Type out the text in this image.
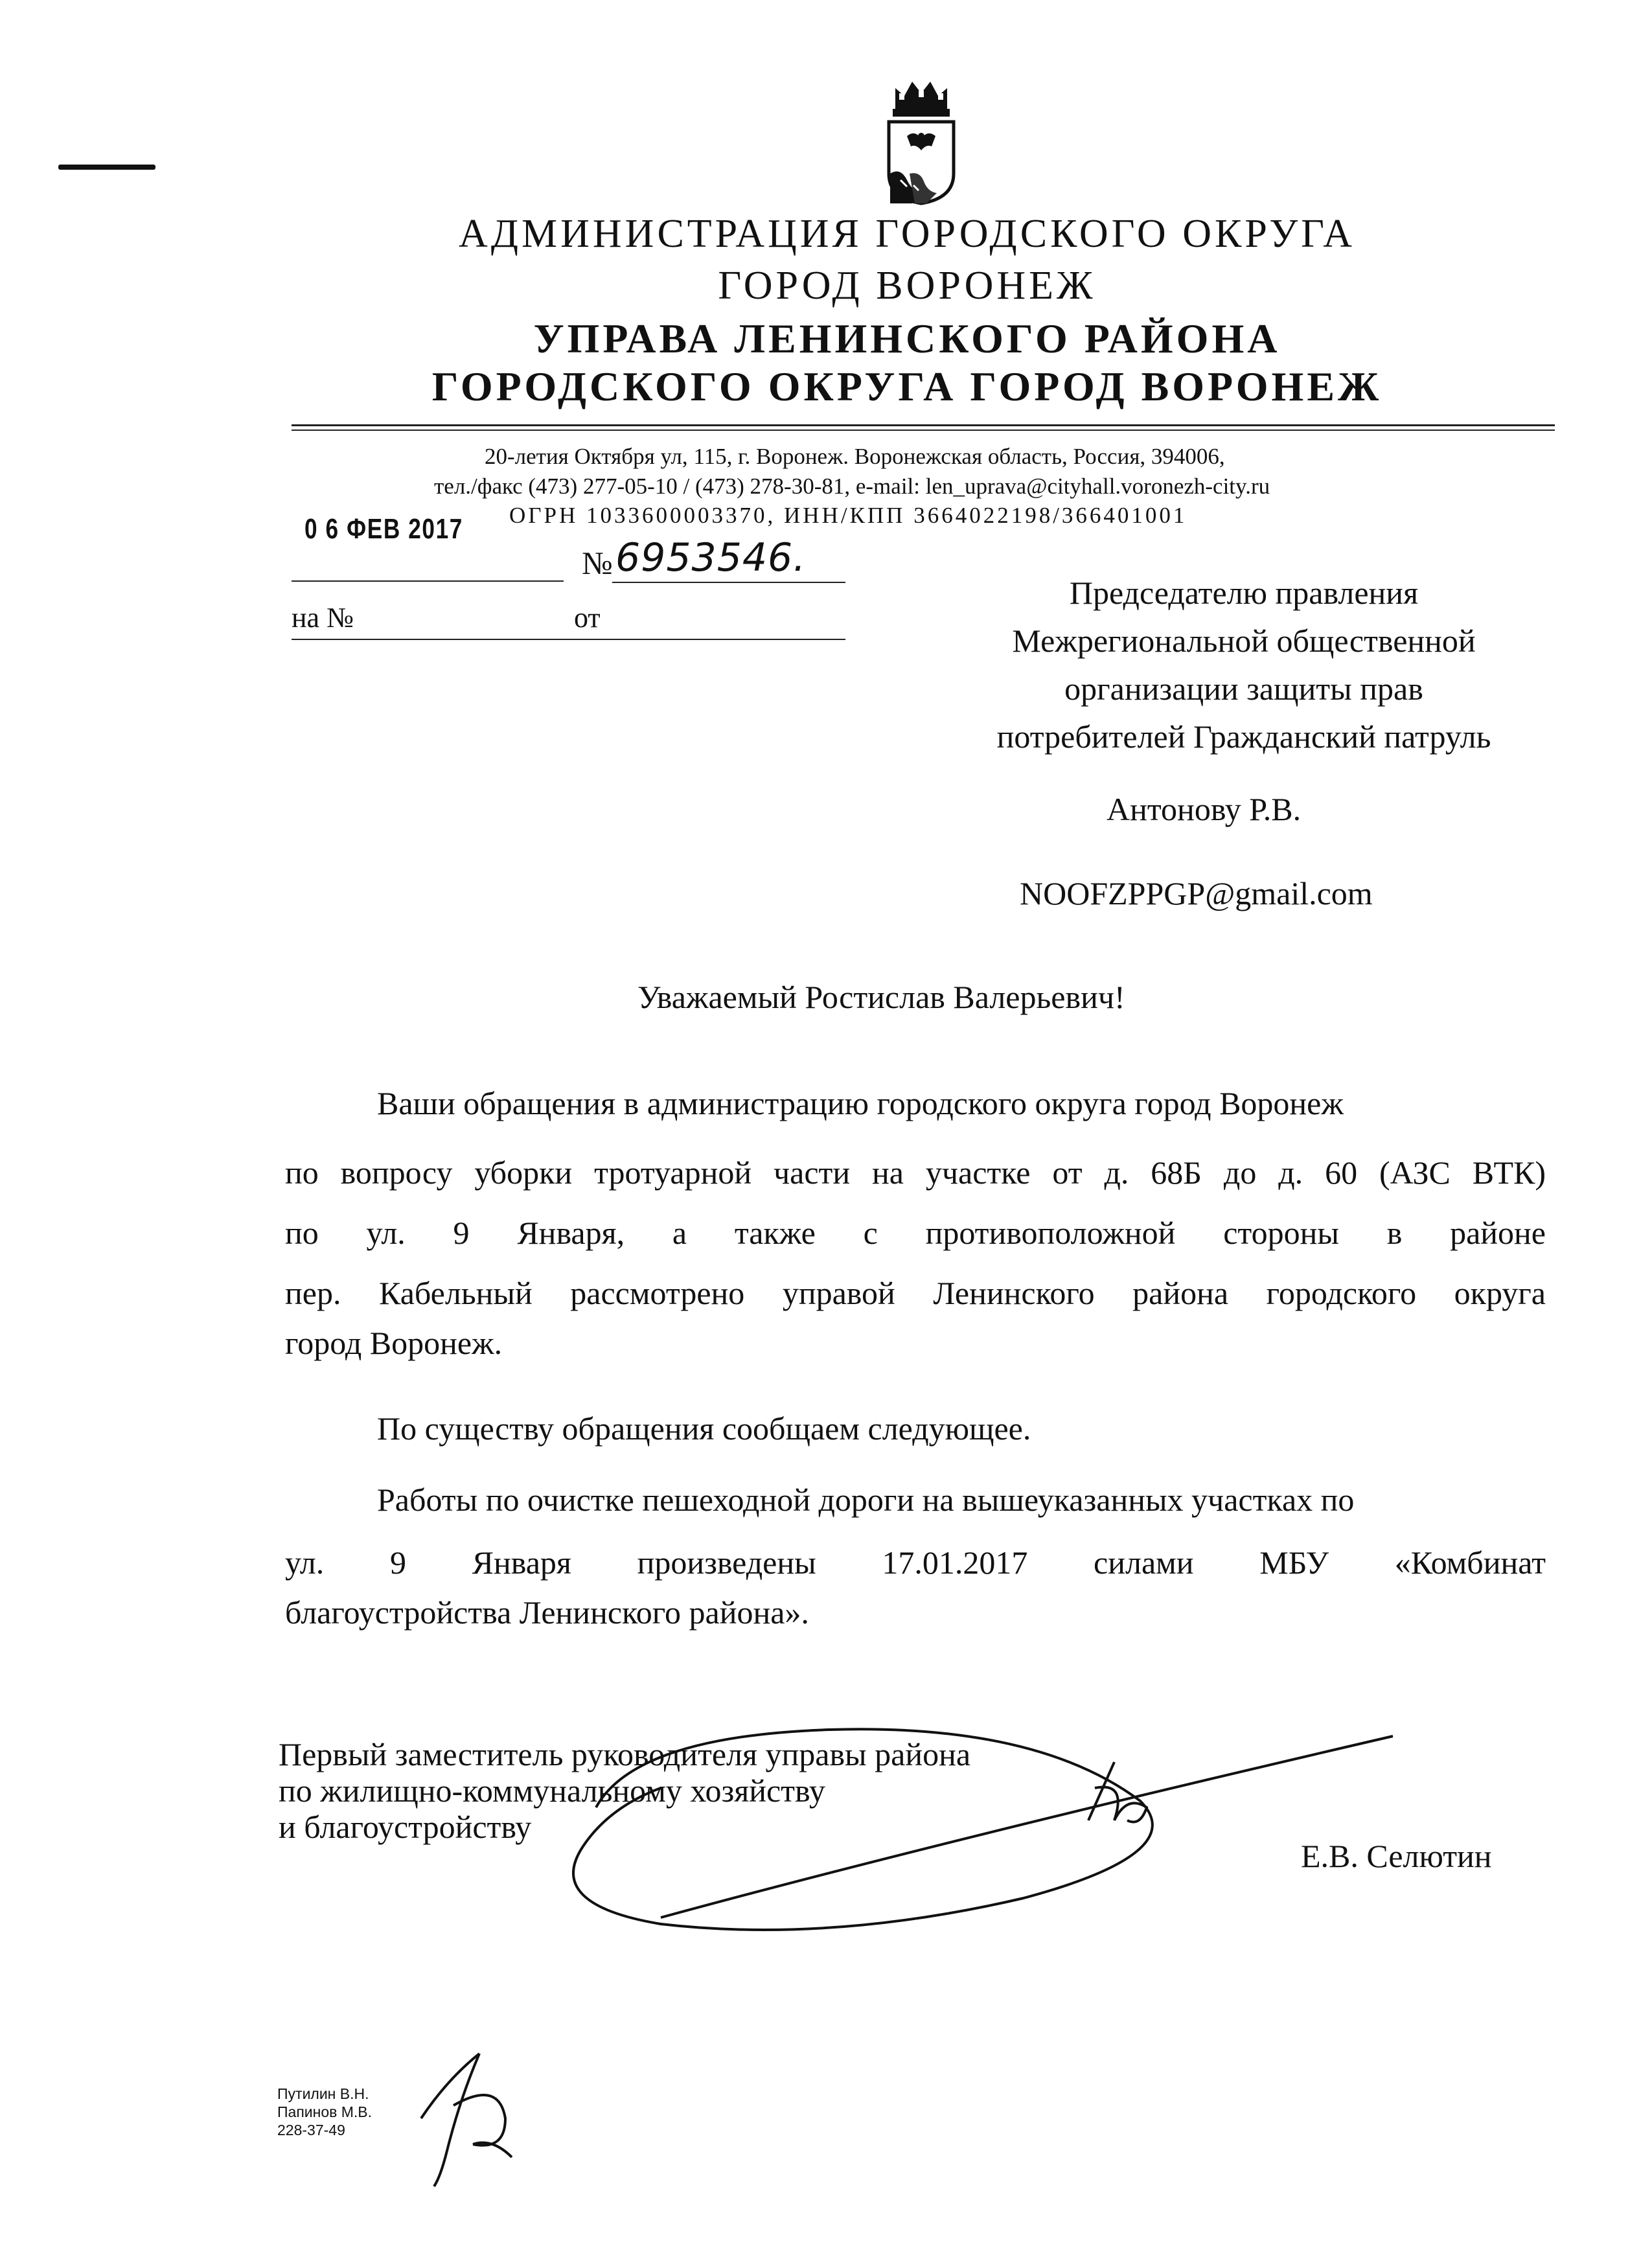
АДМИНИСТРАЦИЯ ГОРОДСКОГО ОКРУГА
ГОРОД ВОРОНЕЖ
УПРАВА ЛЕНИНСКОГО РАЙОНА
ГОРОДСКОГО ОКРУГА ГОРОД ВОРОНЕЖ
20-летия Октября ул, 115, г. Воронеж. Воронежская область, Россия, 394006,
тел./факс (473) 277-05-10 / (473) 278-30-81, e-mail: len_uprava@cityhall.voronezh-city.ru
ОГРН 1033600003370, ИНН/КПП 3664022198/366401001
0 6 ФЕВ 2017
№ 6953546.
на №	от
Председателю правления
Межрегиональной общественной
организации защиты прав
потребителей Гражданский патруль
Антонову Р.В.
NOOFZPPGP@gmail.com
Уважаемый Ростислав Валерьевич!
Ваши обращения в администрацию городского округа город Воронеж
по вопросу уборки тротуарной части на участке от д. 68Б до д. 60 (АЗС ВТК)
по ул. 9 Января, а также с противоположной стороны в районе
пер. Кабельный рассмотрено управой Ленинского района городского округа
город Воронеж.
По существу обращения сообщаем следующее.
Работы по очистке пешеходной дороги на вышеуказанных участках по
ул. 9 Января произведены 17.01.2017 силами МБУ «Комбинат
благоустройства Ленинского района».
Первый заместитель руководителя управы района
по жилищно-коммунальному хозяйству
и благоустройству
Е.В. Селютин
Путилин В.Н.
Папинов М.В.
228-37-49
